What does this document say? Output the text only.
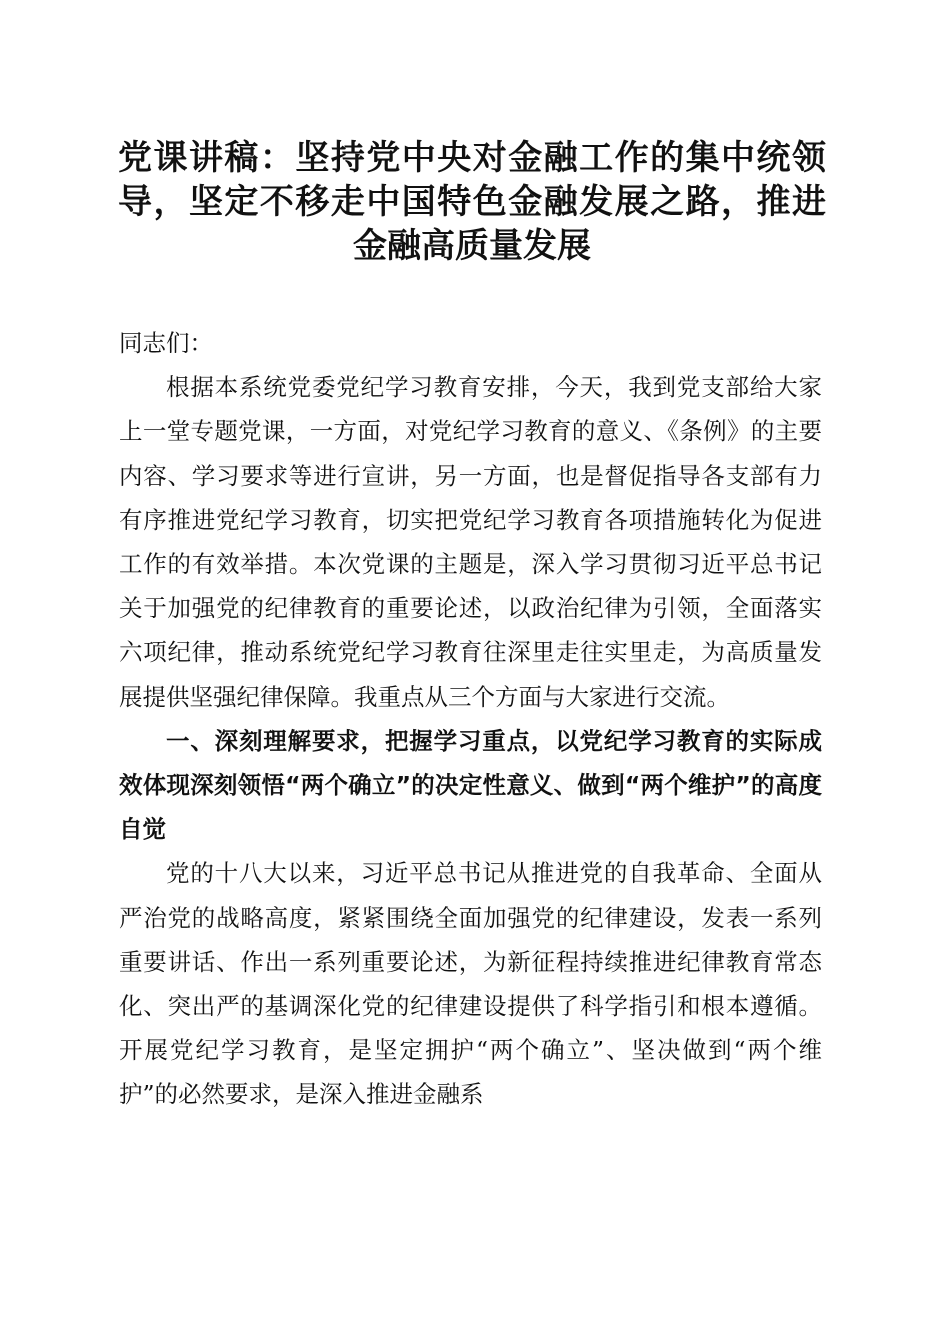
党课讲稿：坚持党中央对金融工作的集中统领导，坚定不移走中国特色金融发展之路，推进金融高质量发展

同志们：

根据本系统党委党纪学习教育安排，今天，我到党支部给大家上一堂专题党课，一方面，对党纪学习教育的意义、《条例》的主要内容、学习要求等进行宣讲，另一方面，也是督促指导各支部有力有序推进党纪学习教育，切实把党纪学习教育各项措施转化为促进工作的有效举措。本次党课的主题是，深入学习贯彻习近平总书记关于加强党的纪律教育的重要论述，以政治纪律为引领，全面落实六项纪律，推动系统党纪学习教育往深里走往实里走，为高质量发展提供坚强纪律保障。我重点从三个方面与大家进行交流。

一、深刻理解要求，把握学习重点，以党纪学习教育的实际成效体现深刻领悟“两个确立”的决定性意义、做到“两个维护”的高度自觉

党的十八大以来，习近平总书记从推进党的自我革命、全面从严治党的战略高度，紧紧围绕全面加强党的纪律建设，发表一系列重要讲话、作出一系列重要论述，为新征程持续推进纪律教育常态化、突出严的基调深化党的纪律建设提供了科学指引和根本遵循。开展党纪学习教育，是坚定拥护“两个确立”、坚决做到“两个维护”的必然要求，是深入推进金融系
